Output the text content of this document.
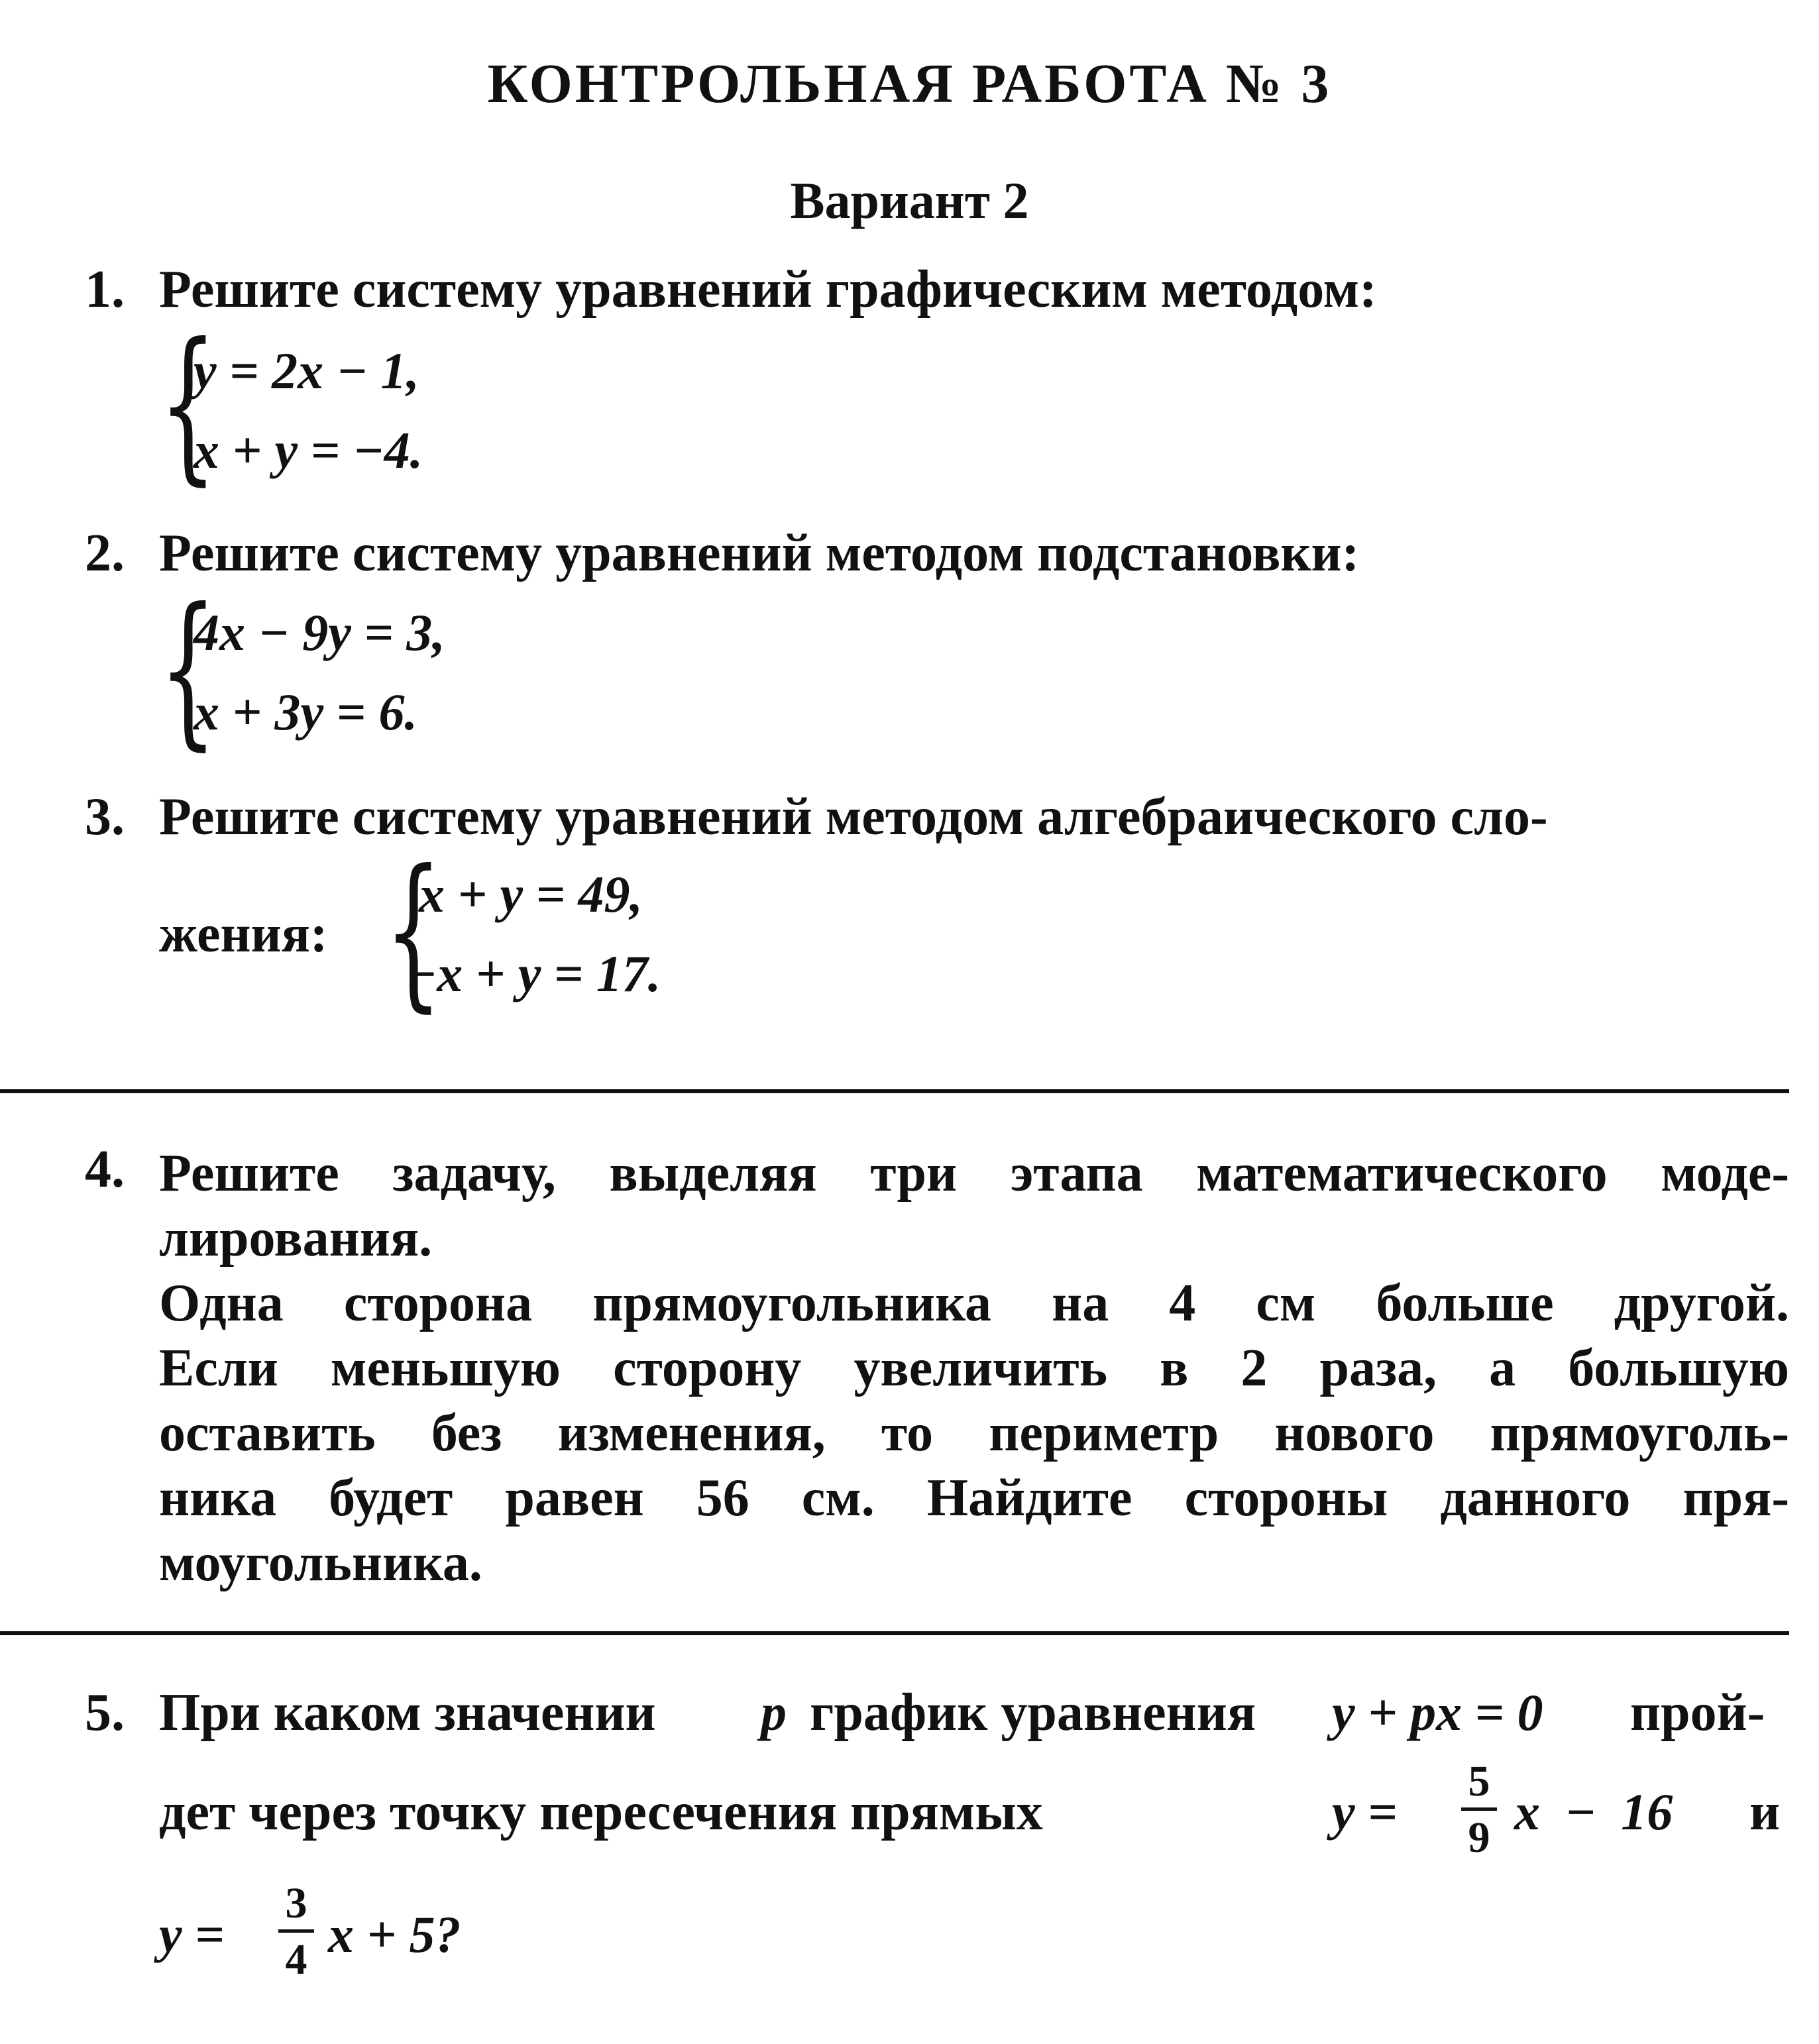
КОНТРОЛЬНАЯ РАБОТА № 3
Вариант 2
1. Решите систему уравнений графическим методом:
{
y = 2x − 1,
x + y = −4.
2. Решите систему уравнений методом подстановки:
{
4x − 9y = 3,
x + 3y = 6.
3. Решите систему уравнений методом алгебраического сло-
жения: {
x + y = 49,
−x + y = 17.
4. Решите задачу, выделяя три этапа математического моде-
лирования.
Одна сторона прямоугольника на 4 см больше другой.
Если меньшую сторону увеличить в 2 раза, а большую
оставить без изменения, то периметр нового прямоуголь-
ника будет равен 56 см. Найдите стороны данного пря-
моугольника.
5. При каком значении p график уравнения y + px = 0 прой-
дет через точку пересечения прямых	y =
5
9 x − 16 и
y =
3
4 x + 5?
